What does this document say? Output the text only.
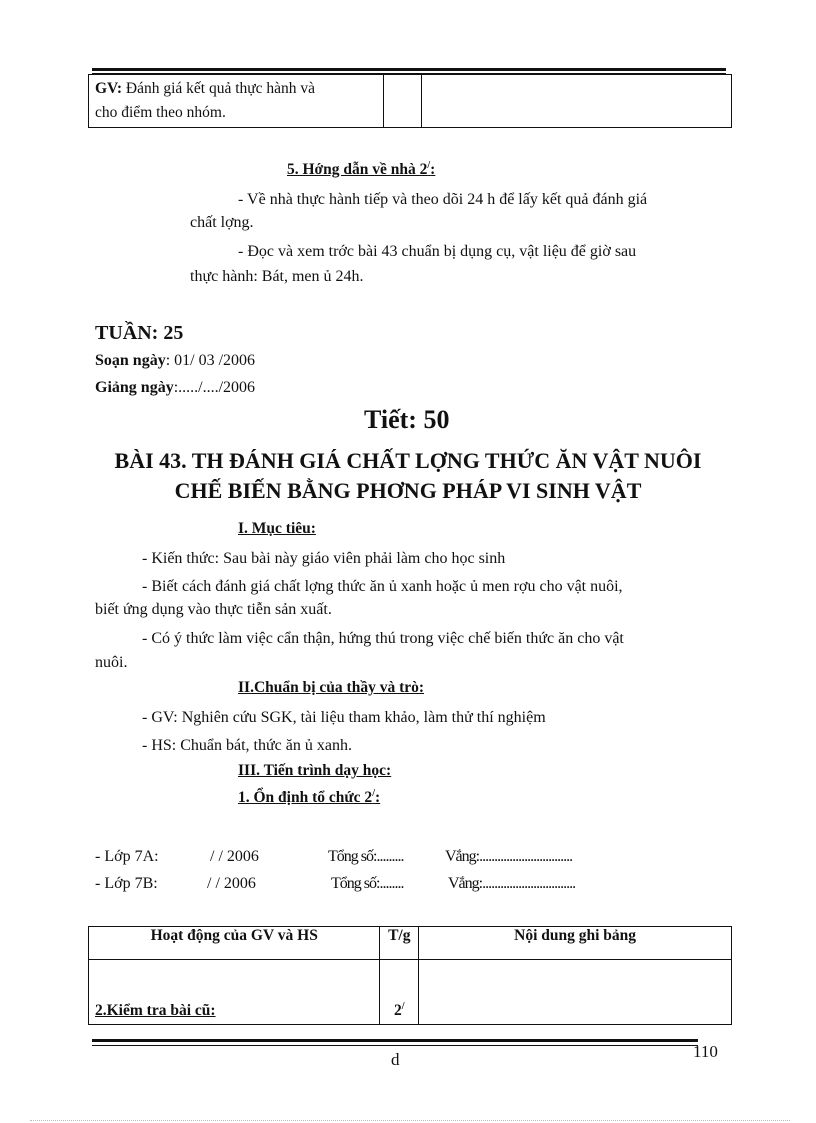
GV: Đánh giá kết quả thực hành và
cho điểm theo nhóm.		
5. Hớng dẫn về nhà 2/:
- Về nhà thực hành tiếp và theo dõi 24 h để lấy kết quả đánh giá
chất lợng.
- Đọc và xem trớc bài 43 chuẩn bị dụng cụ, vật liệu để giờ sau
thực hành: Bát, men ủ 24h.
TUẦN: 25
Soạn ngày: 01/ 03 /2006
Giảng ngày:...../..../2006
Tiết: 50
BÀI 43. TH ĐÁNH GIÁ CHẤT LỢNG THỨC ĂN VẬT NUÔI
CHẾ BIẾN BẰNG PHƠNG PHÁP VI SINH VẬT
I. Mục tiêu:
- Kiến thức: Sau bài này giáo viên phải làm cho học sinh
- Biết cách đánh giá chất lợng thức ăn ủ xanh hoặc ủ men rợu cho vật nuôi,
biết ứng dụng vào thực tiễn sản xuất.
- Có ý thức làm việc cẩn thận, hứng thú trong việc chế biến thức ăn cho vật
nuôi.
II.Chuẩn bị của thầy và trò:
- GV: Nghiên cứu SGK, tài liệu tham khảo, làm thử thí nghiệm
- HS: Chuẩn bát, thức ăn ủ xanh.
III. Tiến trình dạy học:
1. Ổn định tổ chức 2/:
- Lớp 7A:	/ / 2006	Tổng số:.........	Vắng:...............................
- Lớp 7B:	/ / 2006	Tổng số:........	Vắng:...............................
Hoạt động của GV và HS	T/g	Nội dung ghi bảng
2.Kiểm tra bài cũ:	2/	
d	110
